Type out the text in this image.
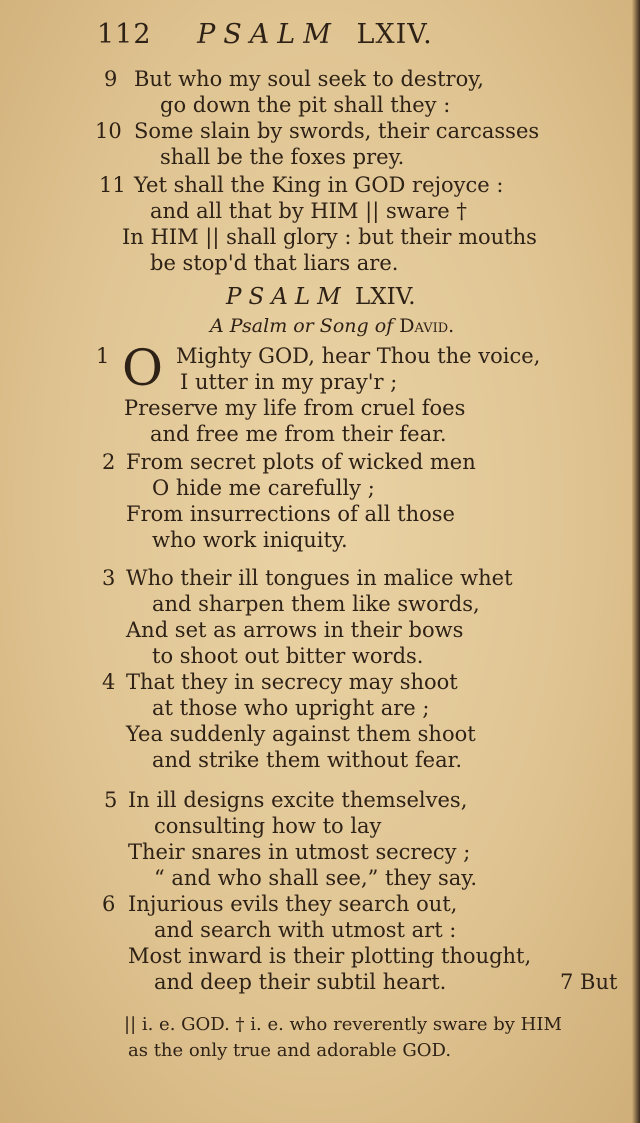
112 PSALM LXIV.
9 But who my soul seek to destroy,
go down the pit shall they :
10 Some slain by swords, their carcasses
shall be the foxes prey.
11 Yet shall the King in GOD rejoyce :
and all that by HIM || sware †
In HIM || shall glory : but their mouths
be stop'd that liars are.
PSALM LXIV.
A Psalm or Song of David.
1 O Mighty GOD, hear Thou the voice,
I utter in my pray'r ;
Preserve my life from cruel foes
and free me from their fear.
2 From secret plots of wicked men
O hide me carefully ;
From insurrections of all those
who work iniquity.
3 Who their ill tongues in malice whet
and sharpen them like swords,
And set as arrows in their bows
to shoot out bitter words.
4 That they in secrecy may shoot
at those who upright are ;
Yea suddenly against them shoot
and strike them without fear.
5 In ill designs excite themselves,
consulting how to lay
Their snares in utmost secrecy ;
“ and who shall see,” they say.
6 Injurious evils they search out,
and search with utmost art :
Most inward is their plotting thought,
and deep their subtil heart.	7 But
|| i. e. GOD. † i. e. who reverently sware by HIM
as the only true and adorable GOD.
